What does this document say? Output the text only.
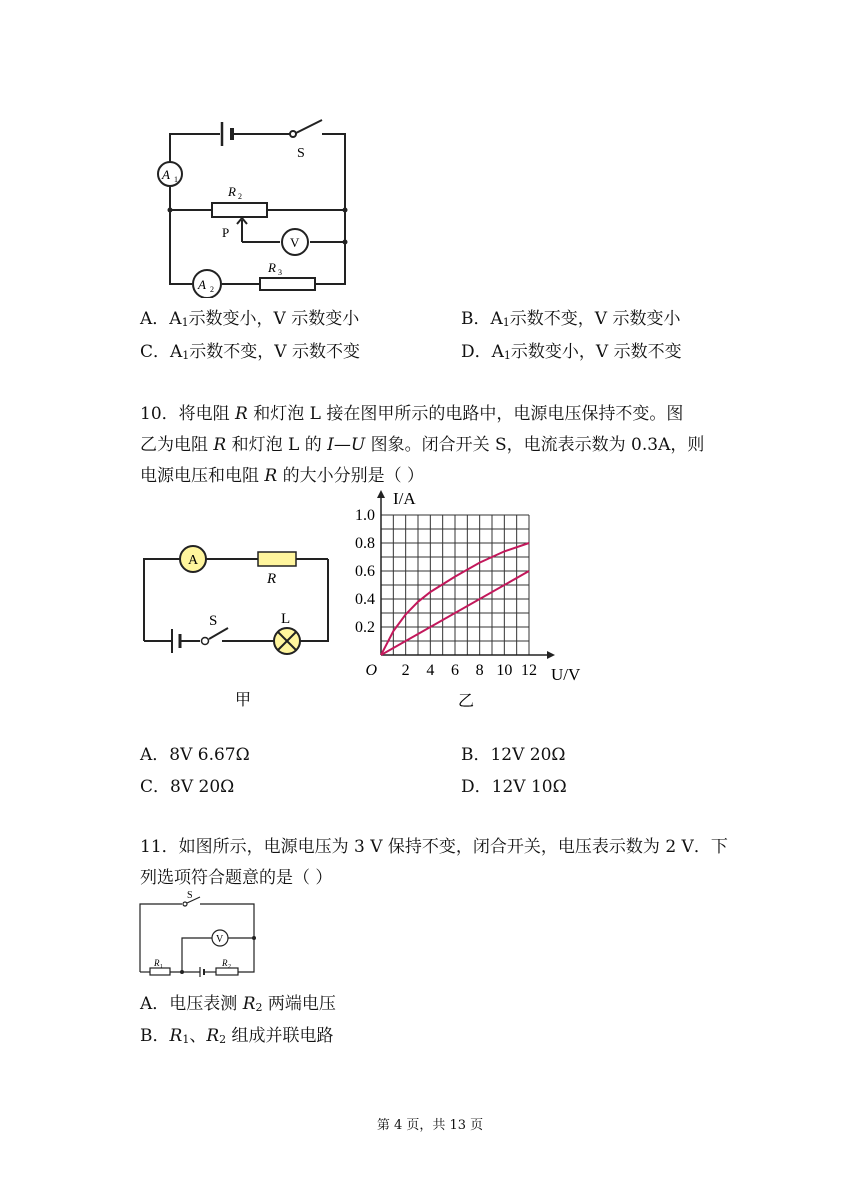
A 1
S
R 2
P
V
A 2
R 3
A．A1示数变小，V 示数变小	B．A1示数不变，V 示数变小
C．A1示数不变，V 示数不变	D．A1示数变小，V 示数不变
10．将电阻 R 和灯泡 L 接在图甲所示的电路中，电源电压保持不变。图
乙为电阻 R 和灯泡 L 的 I—U 图象。闭合开关 S，电流表示数为 0.3A，则
电源电压和电阻 R 的大小分别是（ ）
A
R
S	L
甲
2 4 6 8 10 12
0.2
0.4
0.6
0.8
1.0
O	U/V
I/A
乙
A．8V 6.67Ω	B．12V 20Ω
C．8V 20Ω	D．12V 10Ω
11．如图所示，电源电压为 3 V 保持不变，闭合开关，电压表示数为 2 V．下
列选项符合题意的是（ ）
V
S
R 1	R 2
A．电压表测 R2 两端电压
B．R1、R2 组成并联电路
第 4 页，共 13 页
